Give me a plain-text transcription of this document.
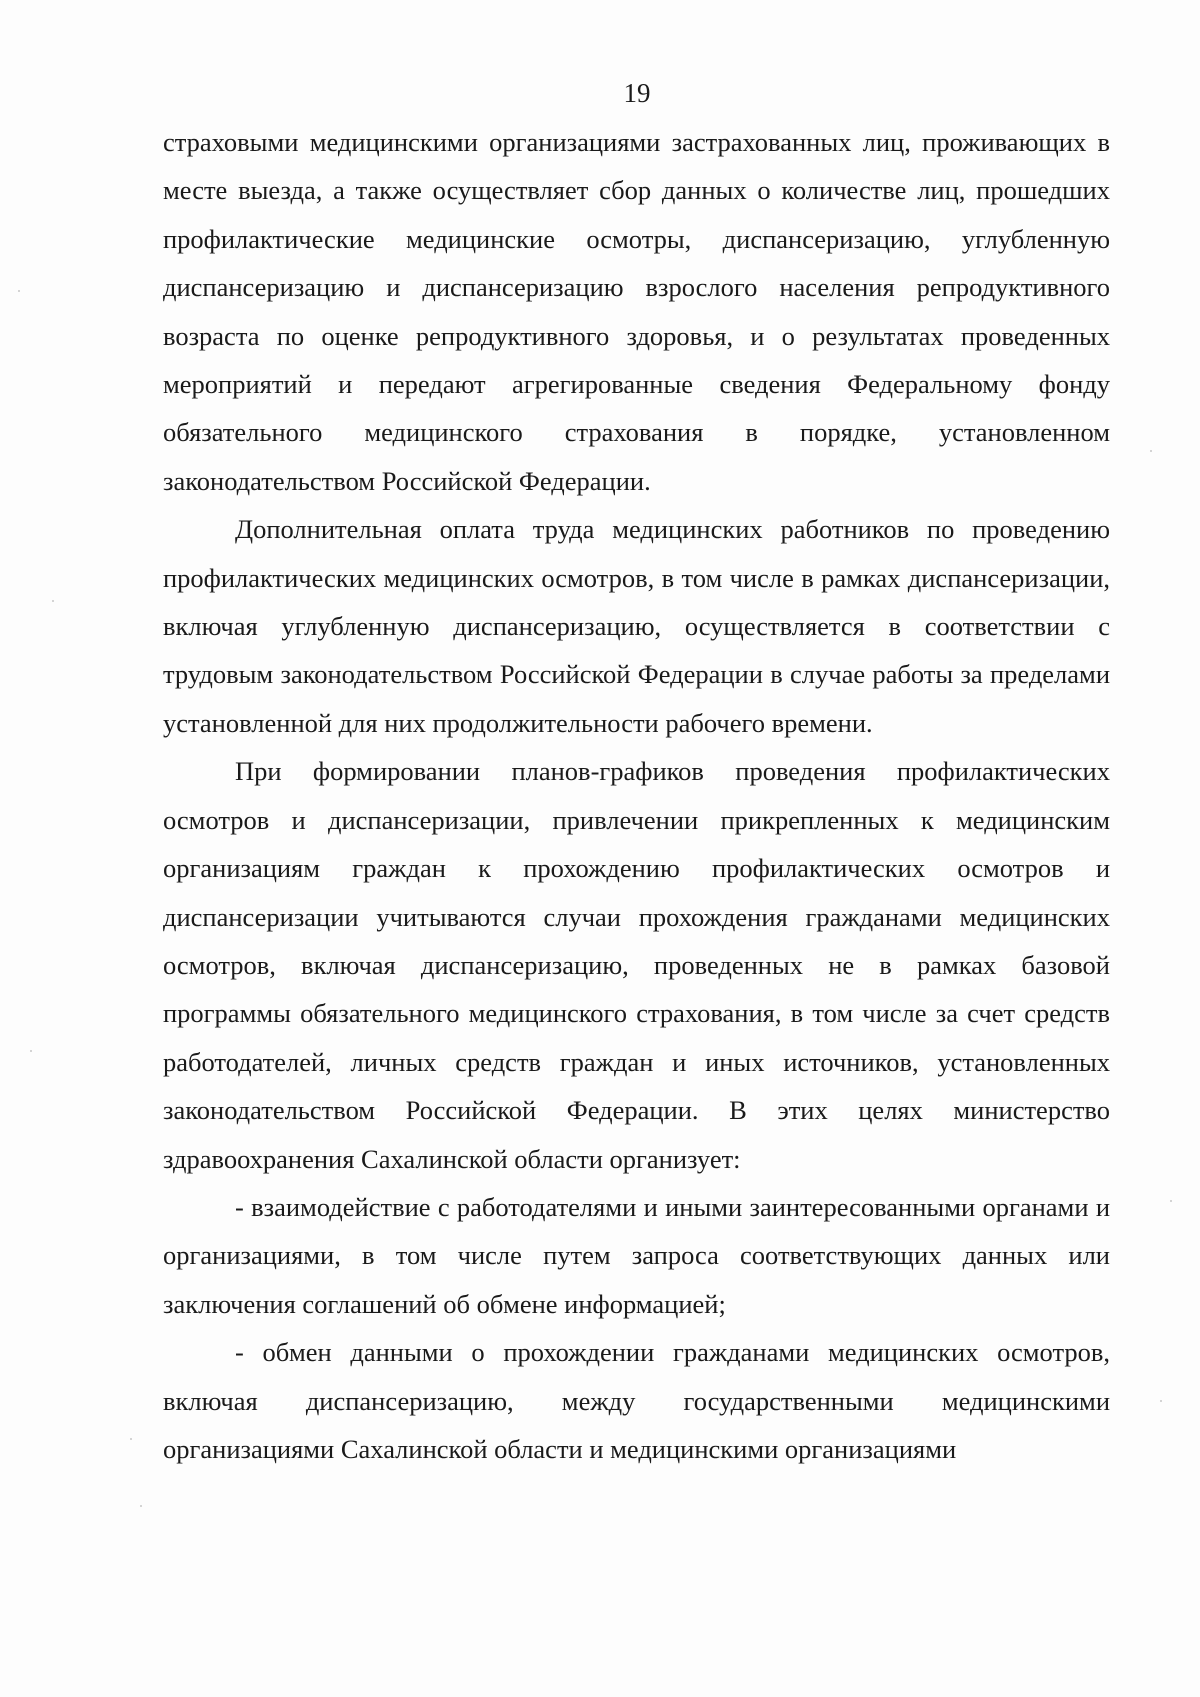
19

страховыми медицинскими организациями застрахованных лиц, проживающих в месте выезда, а также осуществляет сбор данных о количестве лиц, прошедших профилактические медицинские осмотры, диспансеризацию, углубленную диспансеризацию и диспансеризацию взрослого населения репродуктивного возраста по оценке репродуктивного здоровья, и о результатах проведенных мероприятий и передают агрегированные сведения Федеральному фонду обязательного медицинского страхования в порядке, установленном законодательством Российской Федерации.

Дополнительная оплата труда медицинских работников по проведению профилактических медицинских осмотров, в том числе в рамках диспансеризации, включая углубленную диспансеризацию, осуществляется в соответствии с трудовым законодательством Российской Федерации в случае работы за пределами установленной для них продолжительности рабочего времени.

При формировании планов-графиков проведения профилактических осмотров и диспансеризации, привлечении прикрепленных к медицинским организациям граждан к прохождению профилактических осмотров и диспансеризации учитываются случаи прохождения гражданами медицинских осмотров, включая диспансеризацию, проведенных не в рамках базовой программы обязательного медицинского страхования, в том числе за счет средств работодателей, личных средств граждан и иных источников, установленных законодательством Российской Федерации. В этих целях министерство здравоохранения Сахалинской области организует:

- взаимодействие с работодателями и иными заинтересованными органами и организациями, в том числе путем запроса соответствующих данных или заключения соглашений об обмене информацией;

- обмен данными о прохождении гражданами медицинских осмотров, включая диспансеризацию, между государственными медицинскими организациями Сахалинской области и медицинскими организациями
